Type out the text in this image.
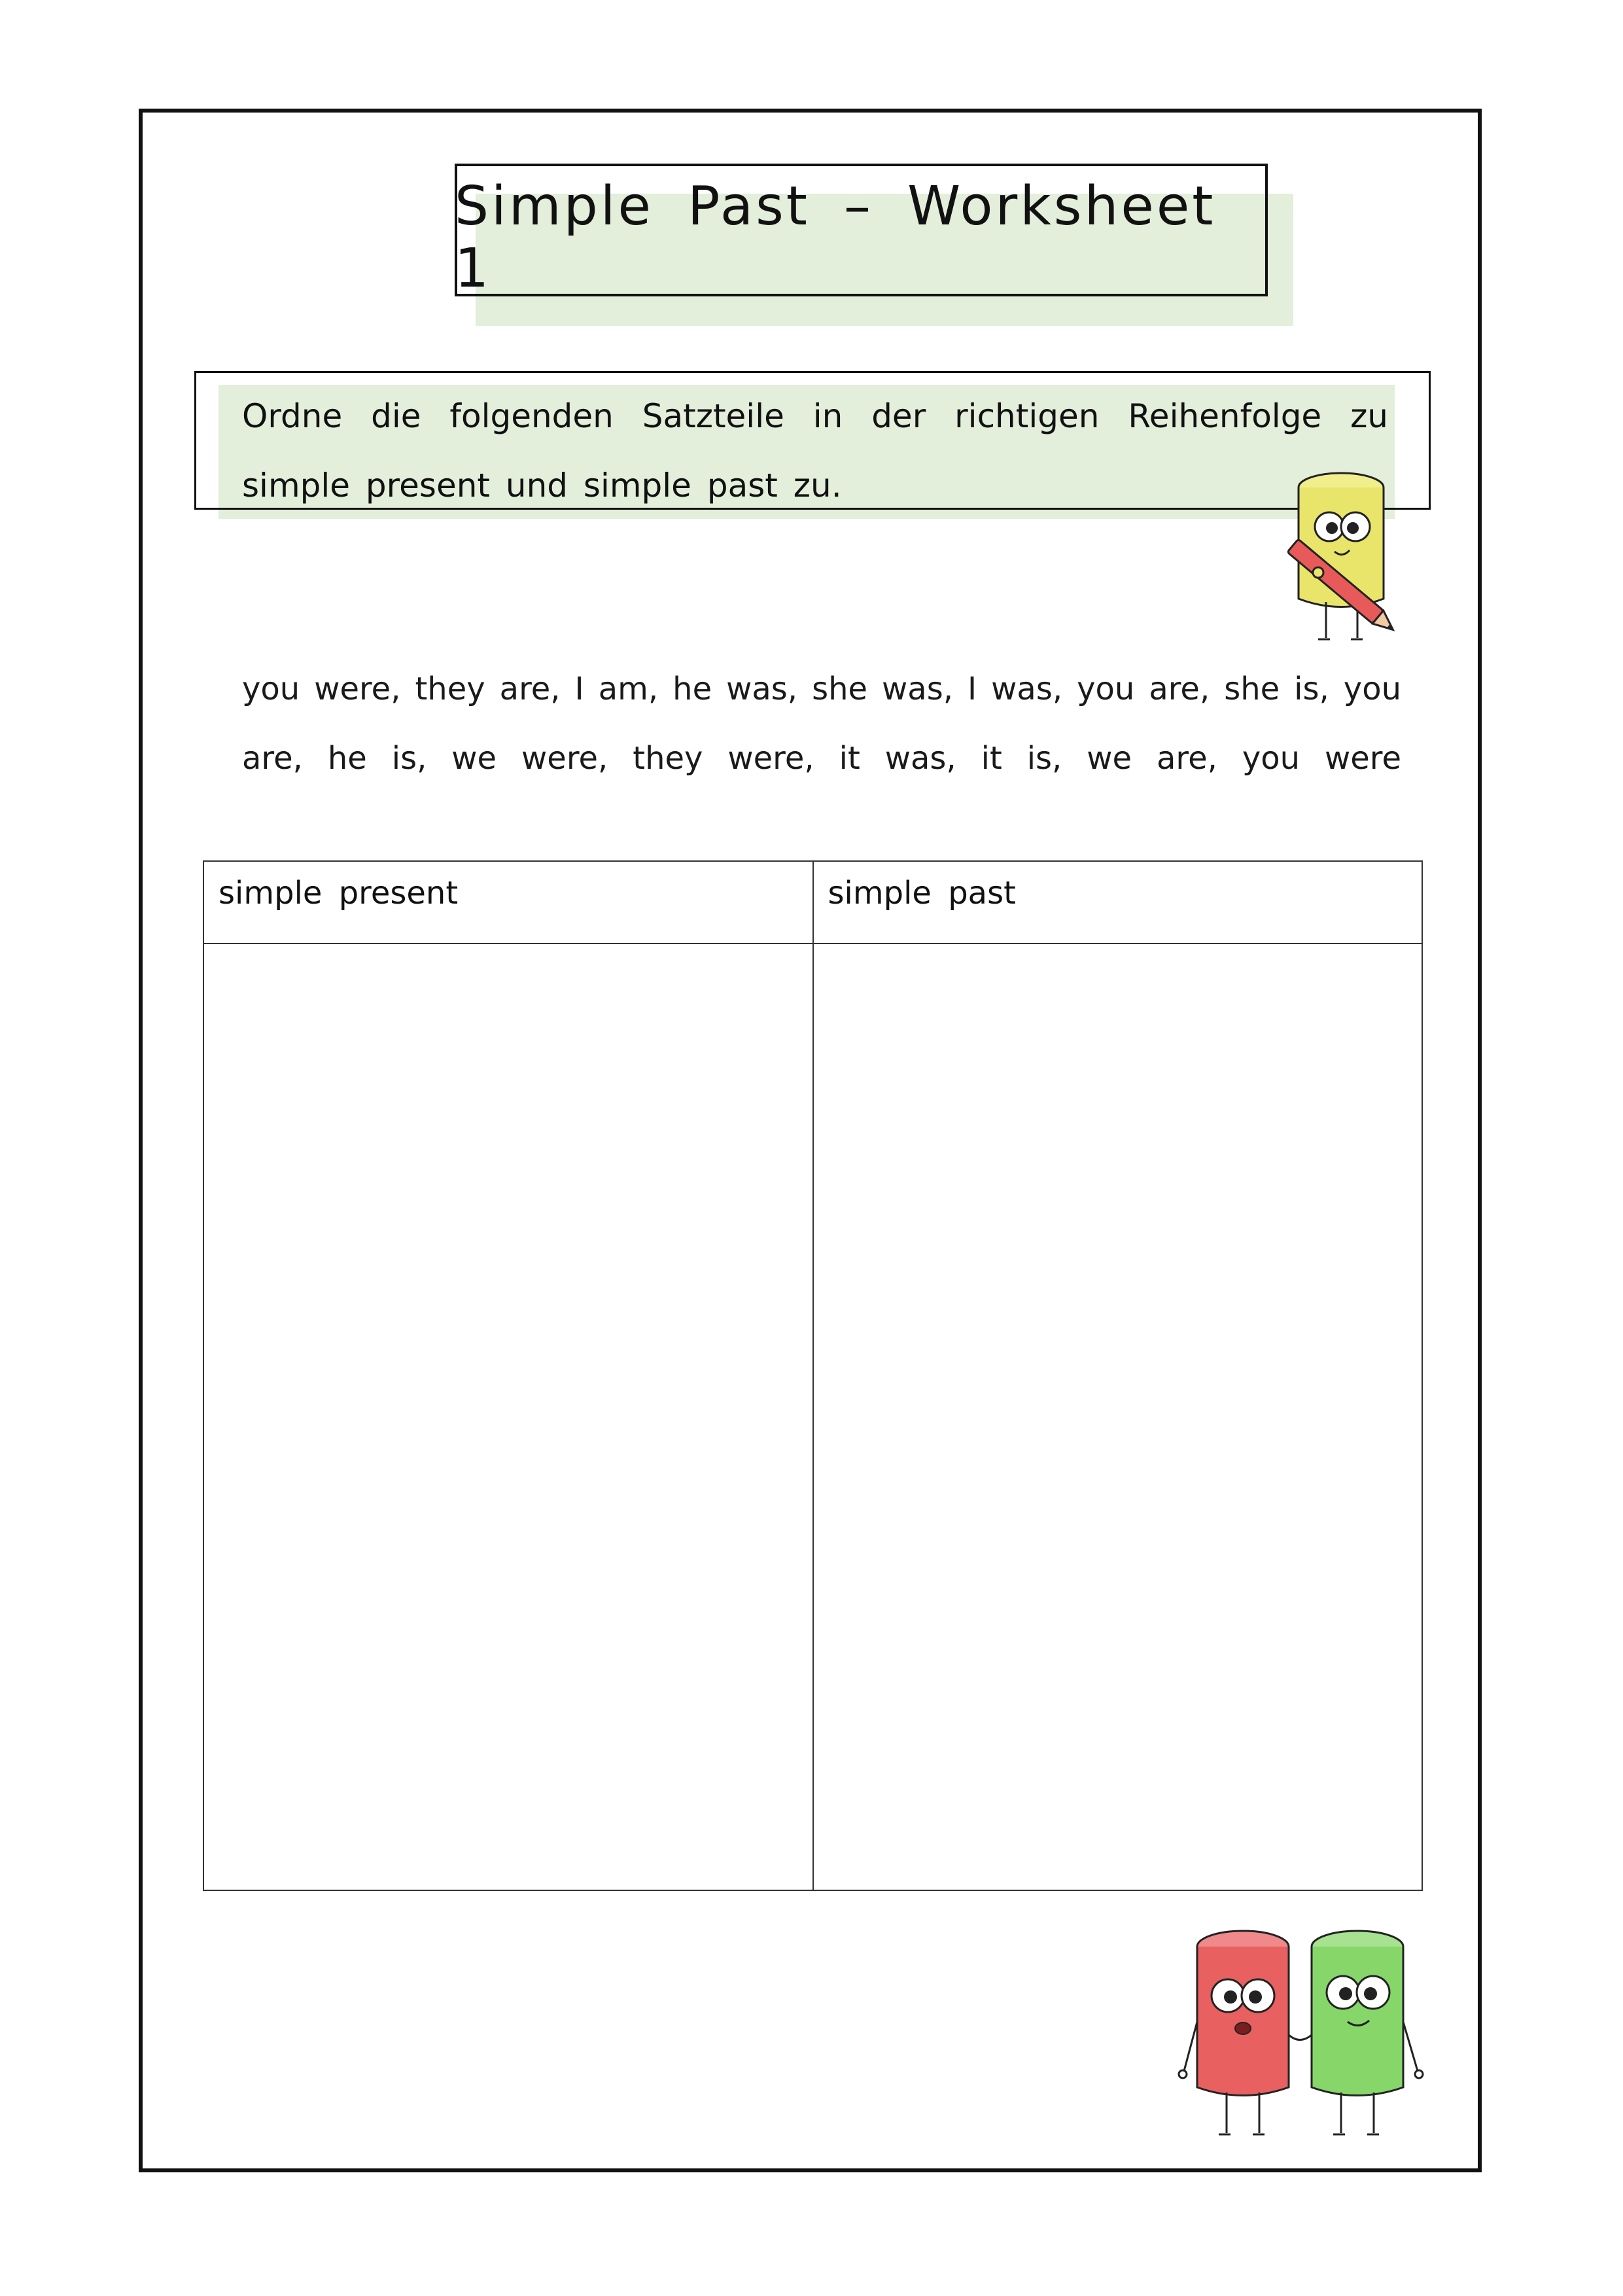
Simple Past – Worksheet 1
Ordne die folgenden Satzteile in der richtigen Reihenfolge zu simple present und simple past zu.
you were, they are, I am, he was, she was, I was, you are, she is, you are, he is, we were, they were, it was, it is, we are, you were
simple present	simple past
